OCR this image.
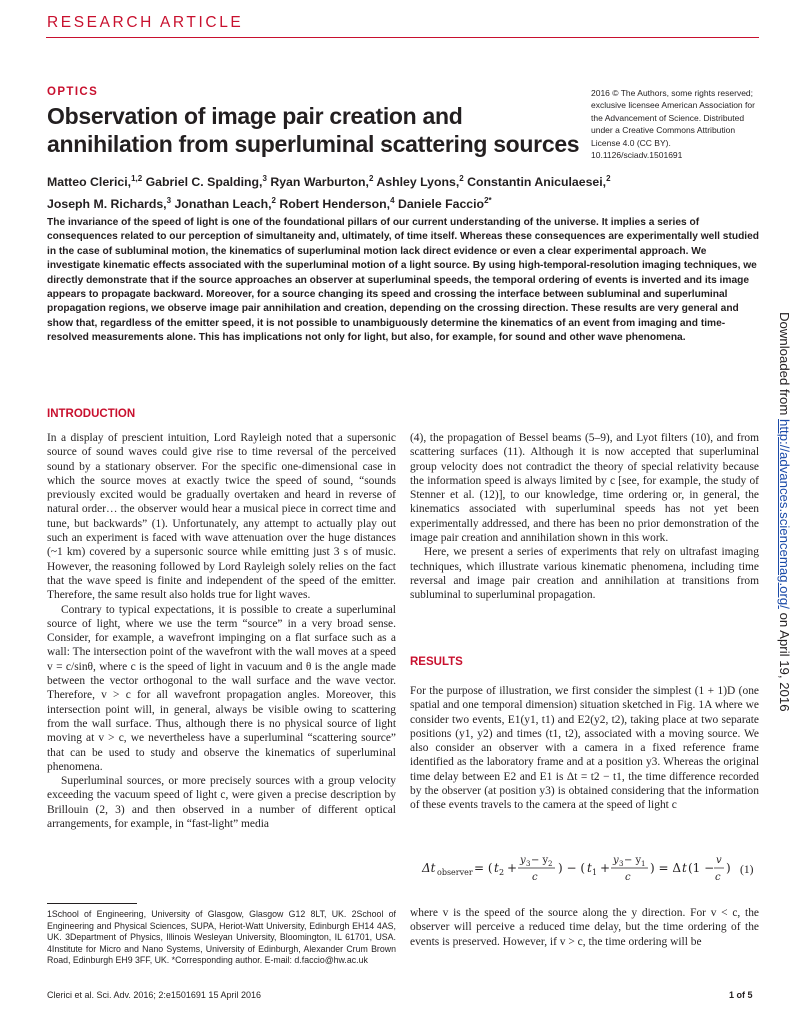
RESEARCH ARTICLE
OPTICS
Observation of image pair creation and annihilation from superluminal scattering sources
2016 © The Authors, some rights reserved; exclusive licensee American Association for the Advancement of Science. Distributed under a Creative Commons Attribution License 4.0 (CC BY). 10.1126/sciadv.1501691
Matteo Clerici,$^{1,2}$ Gabriel C. Spalding,$^3$ Ryan Warburton,$^2$ Ashley Lyons,$^2$ Constantin Aniculaesei,$^2$
Joseph M. Richards,$^3$ Jonathan Leach,$^2$ Robert Henderson,$^4$ Daniele Faccio$^{2*}$
The invariance of the speed of light is one of the foundational pillars of our current understanding of the universe. It implies a series of consequences related to our perception of simultaneity and, ultimately, of time itself. Whereas these consequences are experimentally well studied in the case of subluminal motion, the kinematics of superluminal motion lack direct evidence or even a clear experimental approach. We investigate kinematic effects associated with the superluminal motion of a light source. By using high-temporal-resolution imaging techniques, we directly demonstrate that if the source approaches an observer at superluminal speeds, the temporal ordering of events is inverted and its image appears to propagate backward. Moreover, for a source changing its speed and crossing the interface between subluminal and superluminal propagation regions, we observe image pair annihilation and creation, depending on the crossing direction. These results are very general and show that, regardless of the emitter speed, it is not possible to unambiguously determine the kinematics of an event from imaging and time-resolved measurements alone. This has implications not only for light, but also, for example, for sound and other wave phenomena.
INTRODUCTION

In a display of prescient intuition, Lord Rayleigh noted that a supersonic source of sound waves could give rise to time reversal of the perceived sound by a stationary observer. For the specific one-dimensional case in which the source moves at exactly twice the speed of sound, “sounds previously excited would be gradually overtaken and heard in reverse of natural order… the observer would hear a musical piece in correct time and tune, but backwards” (1). Unfortunately, any attempt to actually play out such an experiment is faced with wave attenuation over the huge distances (~1 km) covered by a supersonic source while emitting just 3 s of music. However, the reasoning followed by Lord Rayleigh solely relies on the fact that the wave speed is finite and independent of the speed of the emitter. Therefore, the same result also holds true for light waves.

Contrary to typical expectations, it is possible to create a superluminal source of light, where we use the term “source” in a very broad sense. Consider, for example, a wavefront impinging on a flat surface such as a wall: The intersection point of the wavefront with the wall moves at a speed v = c/sinθ, where c is the speed of light in vacuum and θ is the angle made between the vector orthogonal to the wall surface and the wave vector. Therefore, v > c for all wavefront propagation angles. Moreover, this intersection point will, in general, always be visible owing to scattering from the wall surface. Thus, although there is no physical source of light moving at v > c, we nevertheless have a superluminal “scattering source” that can be used to study and observe the kinematics of superluminal phenomena.

Superluminal sources, or more precisely sources with a group velocity exceeding the vacuum speed of light c, were given a precise description by Brillouin (2, 3) and then observed in a number of different optical arrangements, for example, in “fast-light” media

(4), the propagation of Bessel beams (5–9), and Lyot filters (10), and from scattering surfaces (11). Although it is now accepted that superluminal group velocity does not contradict the theory of special relativity because the information speed is always limited by c [see, for example, the study of Stenner et al. (12)], to our knowledge, time ordering or, in general, the kinematics associated with superluminal speeds has not yet been experimentally addressed, and there has been no prior demonstration of the image pair creation and annihilation shown in this work.

Here, we present a series of experiments that rely on ultrafast imaging techniques, which illustrate various kinematic phenomena, including time reversal and image pair creation and annihilation at transitions from subluminal to superluminal propagation.

RESULTS

For the purpose of illustration, we first consider the simplest (1 + 1)D (one spatial and one temporal dimension) situation sketched in Fig. 1A where we consider two events, E1(y1, t1) and E2(y2, t2), taking place at two separate positions (y1, y2) and times (t1, t2), associated with a moving source. We also consider an observer with a camera in a fixed reference frame identified as the laboratory frame and at a position y3. Whereas the original time delay between E2 and E1 is Δt = t2 − t1, the time difference recorded by the observer (at position y3) is obtained considering that the information of these events travels to the camera at the speed of light c

Δt observer = ( t 2 +
y 3 − y 2
c
) − ( t 1 +
y 3 − y 1
c
) = Δ t (1 −
v
c
) (1)

where v is the speed of the source along the y direction. For v < c, the observer will perceive a reduced time delay, but the time ordering of the events is preserved. However, if v > c, the time ordering will be

1School of Engineering, University of Glasgow, Glasgow G12 8LT, UK. 2School of Engineering and Physical Sciences, SUPA, Heriot-Watt University, Edinburgh EH14 4AS, UK. 3Department of Physics, Illinois Wesleyan University, Bloomington, IL 61701, USA. 4Institute for Micro and Nano Systems, University of Edinburgh, Alexander Crum Brown Road, Edinburgh EH9 3FF, UK. *Corresponding author. E-mail: d.faccio@hw.ac.uk
Clerici et al. Sci. Adv. 2016; 2:e1501691 15 April 2016	1 of 5
Downloaded from http://advances.sciencemag.org/ on April 19, 2016
